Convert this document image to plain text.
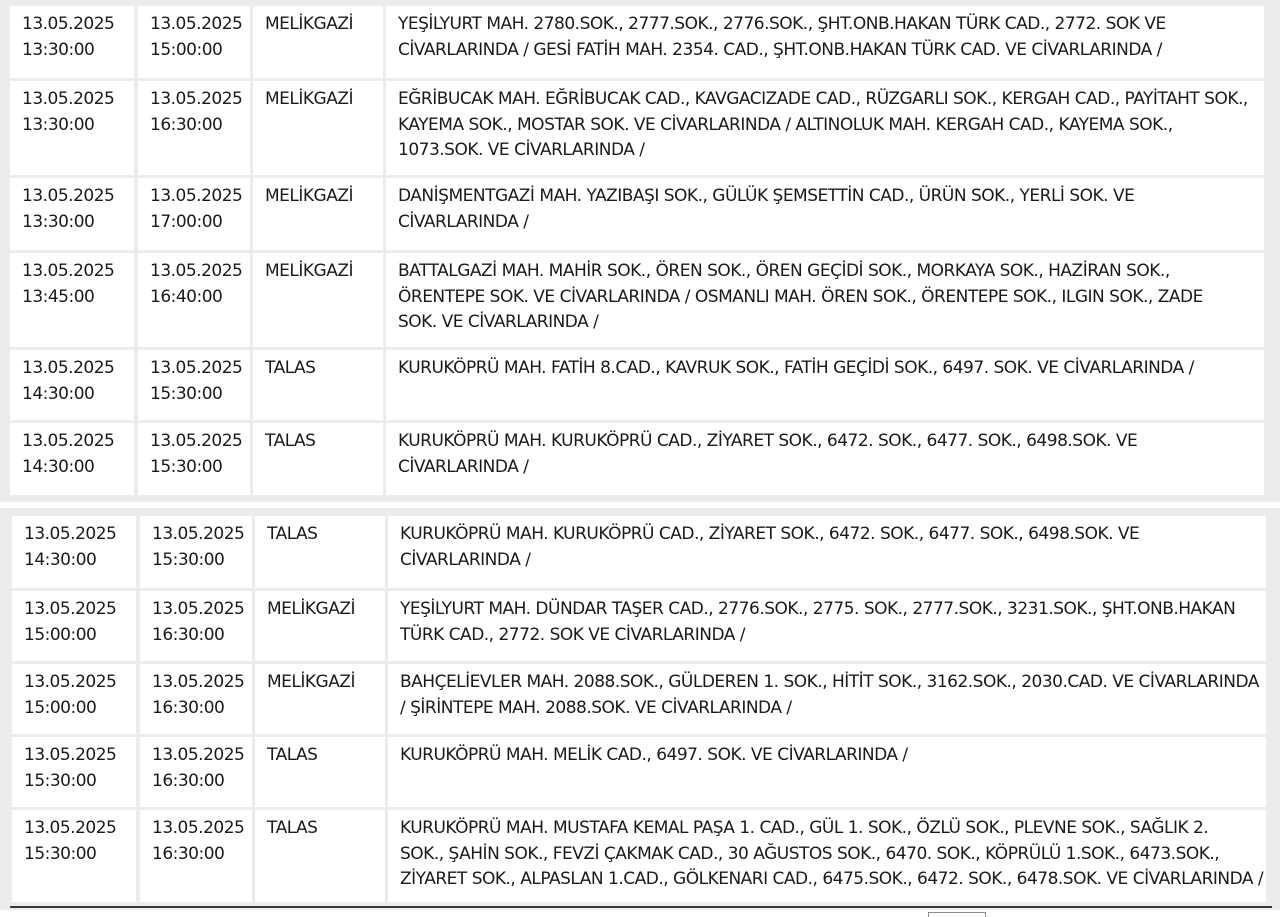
13.05.2025
13:30:00
13.05.2025
15:00:00
MELİKGAZİ	YEŞİLYURT MAH. 2780.SOK., 2777.SOK., 2776.SOK., ŞHT.ONB.HAKAN TÜRK CAD., 2772. SOK VE
CİVARLARINDA / GESİ FATİH MAH. 2354. CAD., ŞHT.ONB.HAKAN TÜRK CAD. VE CİVARLARINDA /
13.05.2025
13:30:00
13.05.2025
16:30:00
MELİKGAZİ	EĞRİBUCAK MAH. EĞRİBUCAK CAD., KAVGACIZADE CAD., RÜZGARLI SOK., KERGAH CAD., PAYİTAHT SOK.,
KAYEMA SOK., MOSTAR SOK. VE CİVARLARINDA / ALTINOLUK MAH. KERGAH CAD., KAYEMA SOK.,
1073.SOK. VE CİVARLARINDA /
13.05.2025
13:30:00
13.05.2025
17:00:00
MELİKGAZİ	DANİŞMENTGAZİ MAH. YAZIBAŞI SOK., GÜLÜK ŞEMSETTİN CAD., ÜRÜN SOK., YERLİ SOK. VE
CİVARLARINDA /
13.05.2025
13:45:00
13.05.2025
16:40:00
MELİKGAZİ	BATTALGAZİ MAH. MAHİR SOK., ÖREN SOK., ÖREN GEÇİDİ SOK., MORKAYA SOK., HAZİRAN SOK.,
ÖRENTEPE SOK. VE CİVARLARINDA / OSMANLI MAH. ÖREN SOK., ÖRENTEPE SOK., ILGIN SOK., ZADE
SOK. VE CİVARLARINDA /
13.05.2025
14:30:00
13.05.2025
15:30:00
TALAS	KURUKÖPRÜ MAH. FATİH 8.CAD., KAVRUK SOK., FATİH GEÇİDİ SOK., 6497. SOK. VE CİVARLARINDA /
13.05.2025
14:30:00
13.05.2025
15:30:00
TALAS	KURUKÖPRÜ MAH. KURUKÖPRÜ CAD., ZİYARET SOK., 6472. SOK., 6477. SOK., 6498.SOK. VE
CİVARLARINDA /
13.05.2025
14:30:00
13.05.2025
15:30:00
TALAS	KURUKÖPRÜ MAH. KURUKÖPRÜ CAD., ZİYARET SOK., 6472. SOK., 6477. SOK., 6498.SOK. VE
CİVARLARINDA /
13.05.2025
15:00:00
13.05.2025
16:30:00
MELİKGAZİ	YEŞİLYURT MAH. DÜNDAR TAŞER CAD., 2776.SOK., 2775. SOK., 2777.SOK., 3231.SOK., ŞHT.ONB.HAKAN
TÜRK CAD., 2772. SOK VE CİVARLARINDA /
13.05.2025
15:00:00
13.05.2025
16:30:00
MELİKGAZİ	BAHÇELİEVLER MAH. 2088.SOK., GÜLDEREN 1. SOK., HİTİT SOK., 3162.SOK., 2030.CAD. VE CİVARLARINDA
/ ŞİRİNTEPE MAH. 2088.SOK. VE CİVARLARINDA /
13.05.2025
15:30:00
13.05.2025
16:30:00
TALAS	KURUKÖPRÜ MAH. MELİK CAD., 6497. SOK. VE CİVARLARINDA /
13.05.2025
15:30:00
13.05.2025
16:30:00
TALAS	KURUKÖPRÜ MAH. MUSTAFA KEMAL PAŞA 1. CAD., GÜL 1. SOK., ÖZLÜ SOK., PLEVNE SOK., SAĞLIK 2.
SOK., ŞAHİN SOK., FEVZİ ÇAKMAK CAD., 30 AĞUSTOS SOK., 6470. SOK., KÖPRÜLÜ 1.SOK., 6473.SOK.,
ZİYARET SOK., ALPASLAN 1.CAD., GÖLKENARI CAD., 6475.SOK., 6472. SOK., 6478.SOK. VE CİVARLARINDA /
